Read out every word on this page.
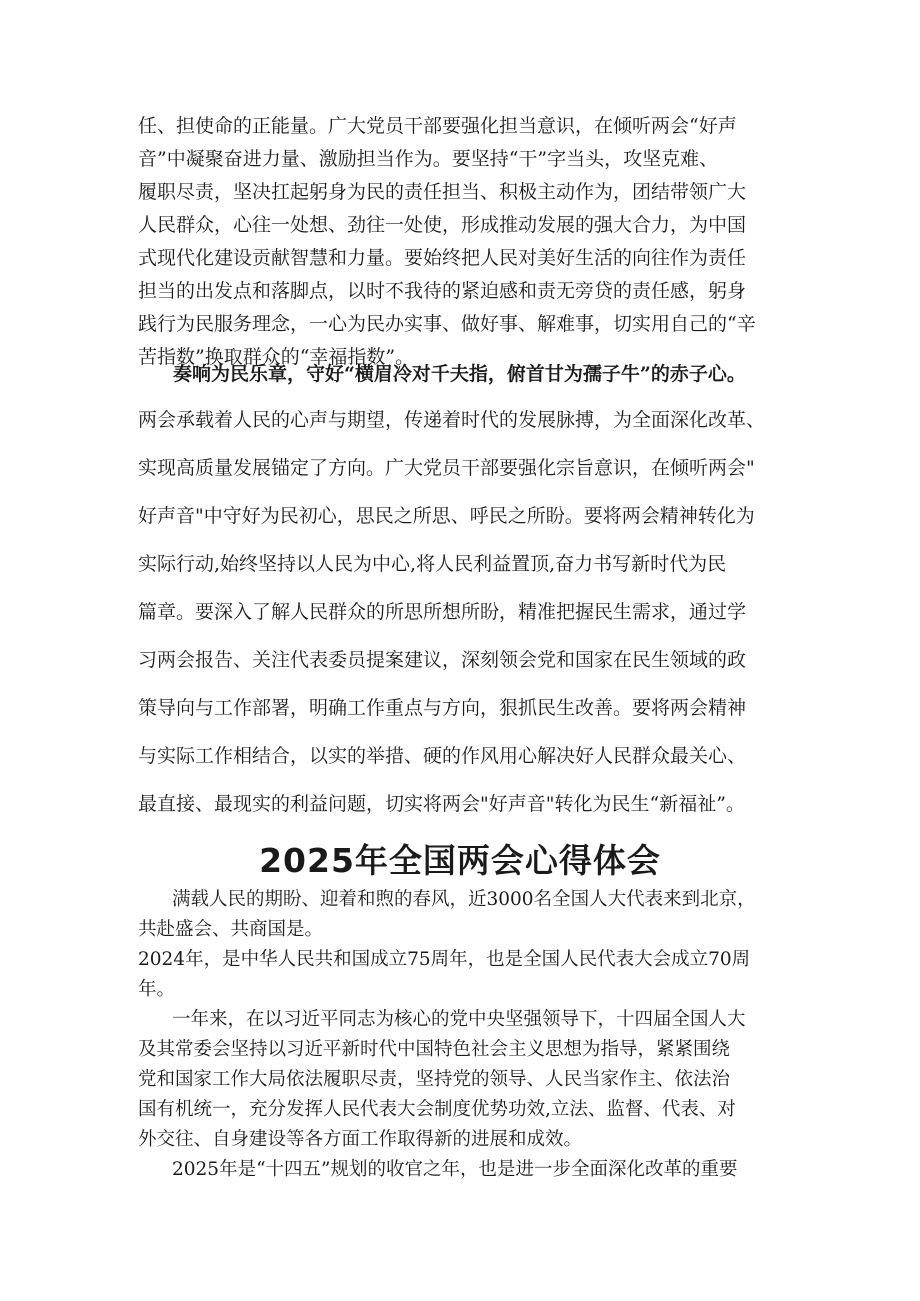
任、担使命的正能量。广大党员干部要强化担当意识，在倾听两会“好声
音”中凝聚奋进力量、激励担当作为。要坚持“干”字当头，攻坚克难、
履职尽责，坚决扛起躬身为民的责任担当、积极主动作为，团结带领广大
人民群众，心往一处想、劲往一处使，形成推动发展的强大合力，为中国
式现代化建设贡献智慧和力量。要始终把人民对美好生活的向往作为责任
担当的出发点和落脚点，以时不我待的紧迫感和责无旁贷的责任感，躬身
践行为民服务理念，一心为民办实事、做好事、解难事，切实用自己的“辛
苦指数”换取群众的“幸福指数”。
奏响为民乐章，守好“横眉冷对千夫指，俯首甘为孺子牛”的赤子心。
两会承载着人民的心声与期望，传递着时代的发展脉搏，为全面深化改革、
实现高质量发展锚定了方向。广大党员干部要强化宗旨意识，在倾听两会"
好声音"中守好为民初心，思民之所思、呼民之所盼。要将两会精神转化为
实际行动,始终坚持以人民为中心,将人民利益置顶,奋力书写新时代为民
篇章。要深入了解人民群众的所思所想所盼，精准把握民生需求，通过学
习两会报告、关注代表委员提案建议，深刻领会党和国家在民生领域的政
策导向与工作部署，明确工作重点与方向，狠抓民生改善。要将两会精神
与实际工作相结合，以实的举措、硬的作风用心解决好人民群众最关心、
最直接、最现实的利益问题，切实将两会"好声音"转化为民生“新福祉”。
2025年全国两会心得体会
满载人民的期盼、迎着和煦的春风，近3000名全国人大代表来到北京，
共赴盛会、共商国是。
2024年，是中华人民共和国成立75周年，也是全国人民代表大会成立70周
年。
一年来，在以习近平同志为核心的党中央坚强领导下，十四届全国人大
及其常委会坚持以习近平新时代中国特色社会主义思想为指导，紧紧围绕
党和国家工作大局依法履职尽责，坚持党的领导、人民当家作主、依法治
国有机统一，充分发挥人民代表大会制度优势功效,立法、监督、代表、对
外交往、自身建设等各方面工作取得新的进展和成效。
2025年是“十四五”规划的收官之年，也是进一步全面深化改革的重要
